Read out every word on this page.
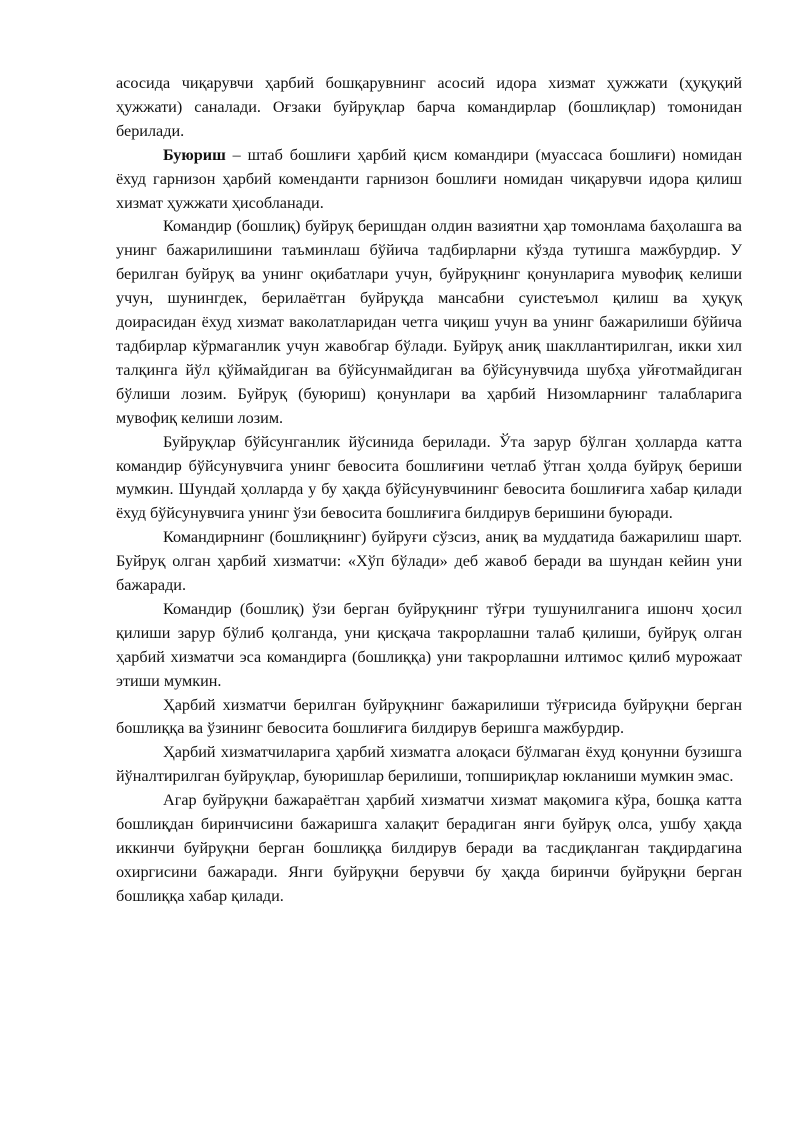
асосида чиқарувчи ҳарбий бошқарувнинг асосий идора хизмат ҳужжати (ҳуқуқий ҳужжати) саналади. Оғзаки буйруқлар барча командирлар (бошлиқлар) томонидан берилади.

Буюриш – штаб бошлиғи ҳарбий қисм командири (муассаса бошлиғи) номидан ёхуд гарнизон ҳарбий коменданти гарнизон бошлиғи номидан чиқарувчи идора қилиш хизмат ҳужжати ҳисобланади.

Командир (бошлиқ) буйруқ беришдан олдин вазиятни ҳар томонлама баҳолашга ва унинг бажарилишини таъминлаш бўйича тадбирларни кўзда тутишга мажбурдир. У берилган буйруқ ва унинг оқибатлари учун, буйруқнинг қонунларига мувофиқ келиши учун, шунингдек, берилаётган буйруқда мансабни суистеъмол қилиш ва ҳуқуқ доирасидан ёхуд хизмат ваколатларидан четга чиқиш учун ва унинг бажарилиши бўйича тадбирлар кўрмаганлик учун жавобгар бўлади. Буйруқ аниқ шакллантирилган, икки хил талқинга йўл қўймайдиган ва бўйсунмайдиган ва бўйсунувчида шубҳа уйғотмайдиган бўлиши лозим. Буйруқ (буюриш) қонунлари ва ҳарбий Низомларнинг талабларига мувофиқ келиши лозим.

Буйруқлар бўйсунганлик йўсинида берилади. Ўта зарур бўлган ҳолларда катта командир бўйсунувчига унинг бевосита бошлиғини четлаб ўтган ҳолда буйруқ бериши мумкин. Шундай ҳолларда у бу ҳақда бўйсунувчининг бевосита бошлиғига хабар қилади ёхуд бўйсунувчига унинг ўзи бевосита бошлиғига билдирув беришини буюради.

Командирнинг (бошлиқнинг) буйруғи сўзсиз, аниқ ва муддатида бажарилиш шарт. Буйруқ олган ҳарбий хизматчи: «Хўп бўлади» деб жавоб беради ва шундан кейин уни бажаради.

Командир (бошлиқ) ўзи берган буйруқнинг тўғри тушунилганига ишонч ҳосил қилиши зарур бўлиб қолганда, уни қисқача такрорлашни талаб қилиши, буйруқ олган ҳарбий хизматчи эса командирга (бошлиққа) уни такрорлашни илтимос қилиб мурожаат этиши мумкин.

Ҳарбий хизматчи берилган буйруқнинг бажарилиши тўғрисида буйруқни берган бошлиққа ва ўзининг бевосита бошлиғига билдирув беришга мажбурдир.

Ҳарбий хизматчиларига ҳарбий хизматга алоқаси бўлмаган ёхуд қонунни бузишга йўналтирилган буйруқлар, буюришлар берилиши, топшириқлар юкланиши мумкин эмас.

Агар буйруқни бажараётган ҳарбий хизматчи хизмат мақомига кўра, бошқа катта бошлиқдан биринчисини бажаришга халақит берадиган янги буйруқ олса, ушбу ҳақда иккинчи буйруқни берган бошлиққа билдирув беради ва тасдиқланган тақдирдагина охиргисини бажаради. Янги буйруқни берувчи бу ҳақда биринчи буйруқни берган бошлиққа хабар қилади.
